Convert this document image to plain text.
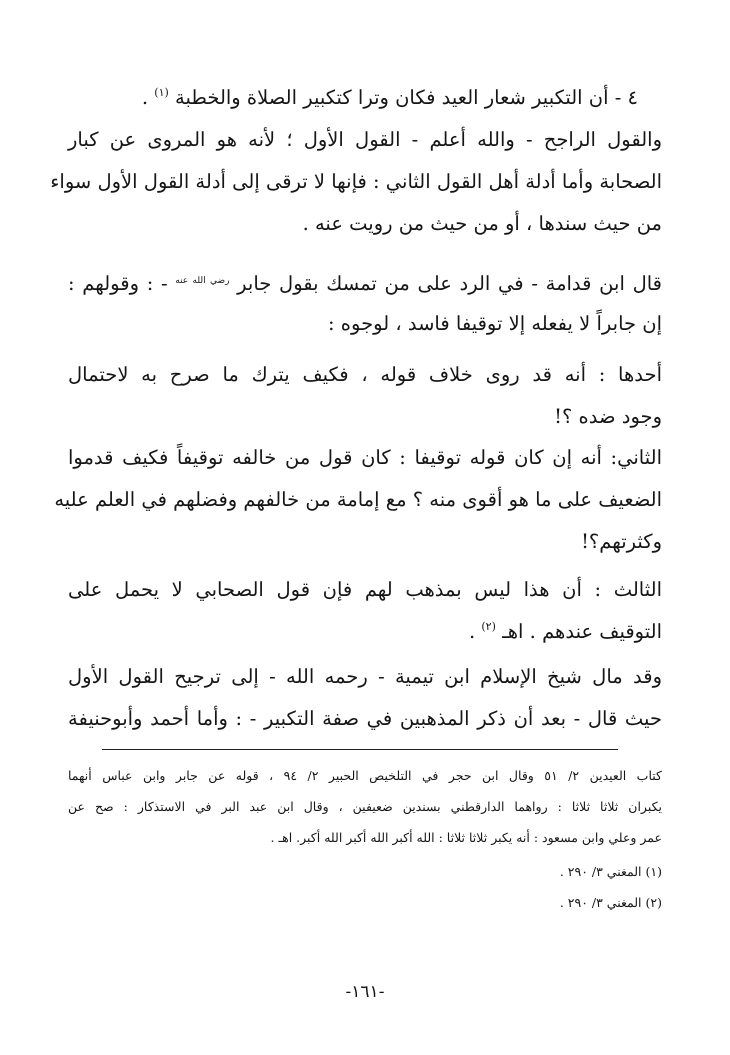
٤ - أن التكبير شعار العيد فكان وترا كتكبير الصلاة والخطبة $^{(١)}$ .
والقول الراجح - والله أعلم - القول الأول ؛ لأنه هو المروى عن كبار
الصحابة وأما أدلة أهل القول الثاني : فإنها لا ترقى إلى أدلة القول الأول سواء
من حيث سندها ، أو من حيث من رويت عنه .
قال ابن قدامة - في الرد على من تمسك بقول جابر $^{رضي الله عنه}$ - : وقولهم :
إن جابراً لا يفعله إلا توقيفا فاسد ، لوجوه :
أحدها : أنه قد روى خلاف قوله ، فكيف يترك ما صرح به لاحتمال
وجود ضده ؟!
الثاني: أنه إن كان قوله توقيفا : كان قول من خالفه توقيفاً فكيف قدموا
الضعيف على ما هو أقوى منه ؟ مع إمامة من خالفهم وفضلهم في العلم عليه
وكثرتهم؟!
الثالث : أن هذا ليس بمذهب لهم فإن قول الصحابي لا يحمل على
التوقيف عندهم . اهـ $^{(٢)}$ .
وقد مال شيخ الإسلام ابن تيمية - رحمه الله - إلى ترجيح القول الأول
حيث قال - بعد أن ذكر المذهبين في صفة التكبير - : وأما أحمد وأبوحنيفة
كتاب العيدين ٢/ ٥١ وقال ابن حجر في التلخيص الحبير ٢/ ٩٤ ، قوله عن جابر وابن عباس أنهما
يكبران ثلاثا ثلاثا : رواهما الدارقطني بسندين ضعيفين ، وقال ابن عبد البر في الاستذكار : صح عن
عمر وعلي وابن مسعود : أنه يكبر ثلاثا ثلاثا : الله أكبر الله أكبر الله أكبر. اهـ .
(١) المغني ٣/ ٢٩٠ .
(٢) المغني ٣/ ٢٩٠ .
-١٦١-
